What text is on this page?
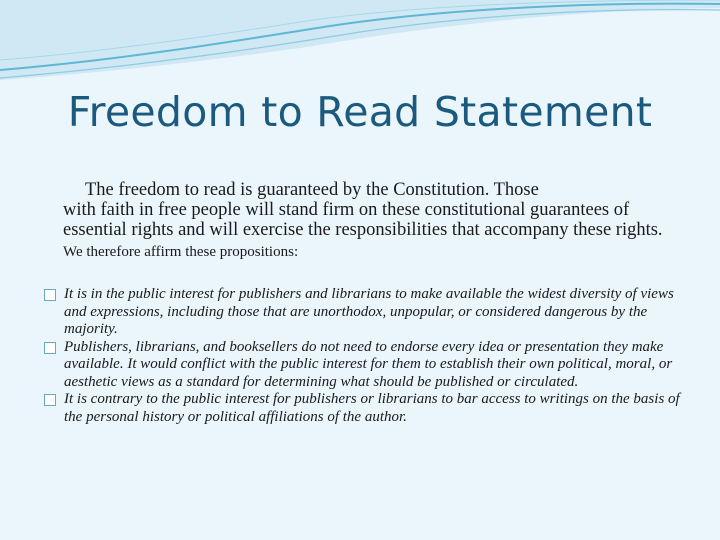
Freedom to Read Statement
The freedom to read is guaranteed by the Constitution. Those
with faith in free people will stand firm on these constitutional guarantees of essential rights and will exercise the responsibilities that accompany these rights. We therefore affirm these propositions:
It is in the public interest for publishers and librarians to make available the widest diversity of views and expressions, including those that are unorthodox, unpopular, or considered dangerous by the majority.
Publishers, librarians, and booksellers do not need to endorse every idea or presentation they make available. It would conflict with the public interest for them to establish their own political, moral, or aesthetic views as a standard for determining what should be published or circulated.
It is contrary to the public interest for publishers or librarians to bar access to writings on the basis of the personal history or political affiliations of the author.
